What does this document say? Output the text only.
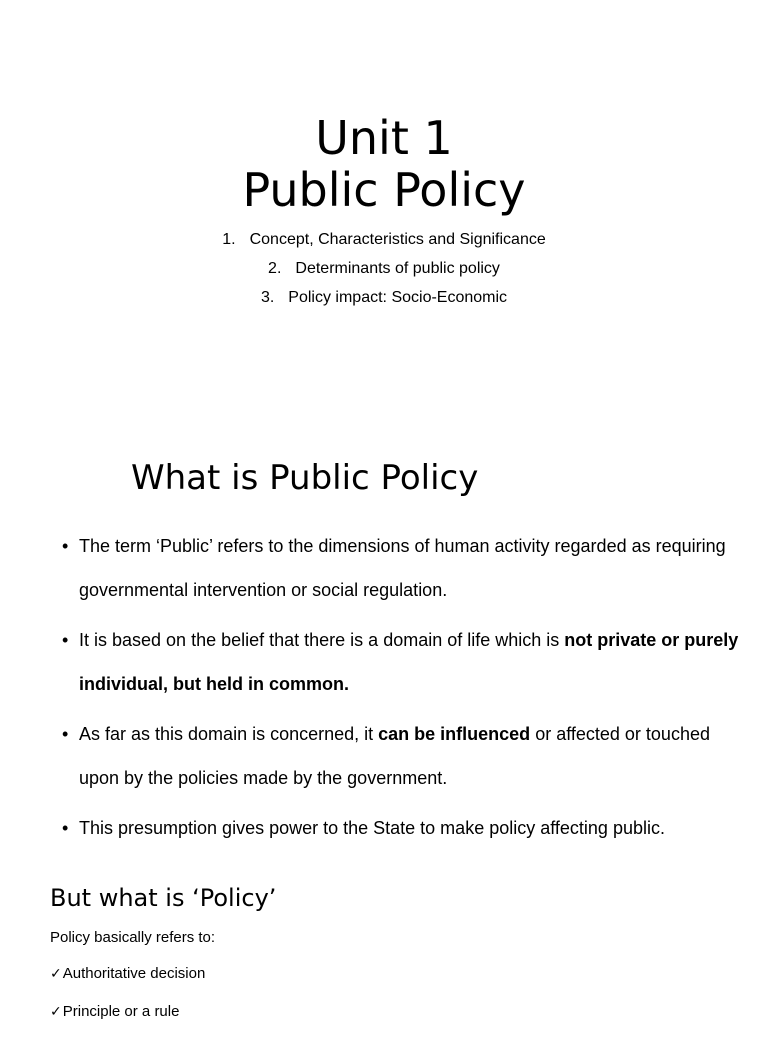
Unit 1
Public Policy
1. Concept, Characteristics and Significance
2. Determinants of public policy
3. Policy impact: Socio-Economic
What is Public Policy
• The term ‘Public’ refers to the dimensions of human activity regarded as requiring governmental intervention or social regulation.
• It is based on the belief that there is a domain of life which is not private or purely individual, but held in common.
• As far as this domain is concerned, it can be influenced or affected or touched upon by the policies made by the government.
• This presumption gives power to the State to make policy affecting public.
But what is ‘Policy’

Policy basically refers to:

✓Authoritative decision
✓Principle or a rule
